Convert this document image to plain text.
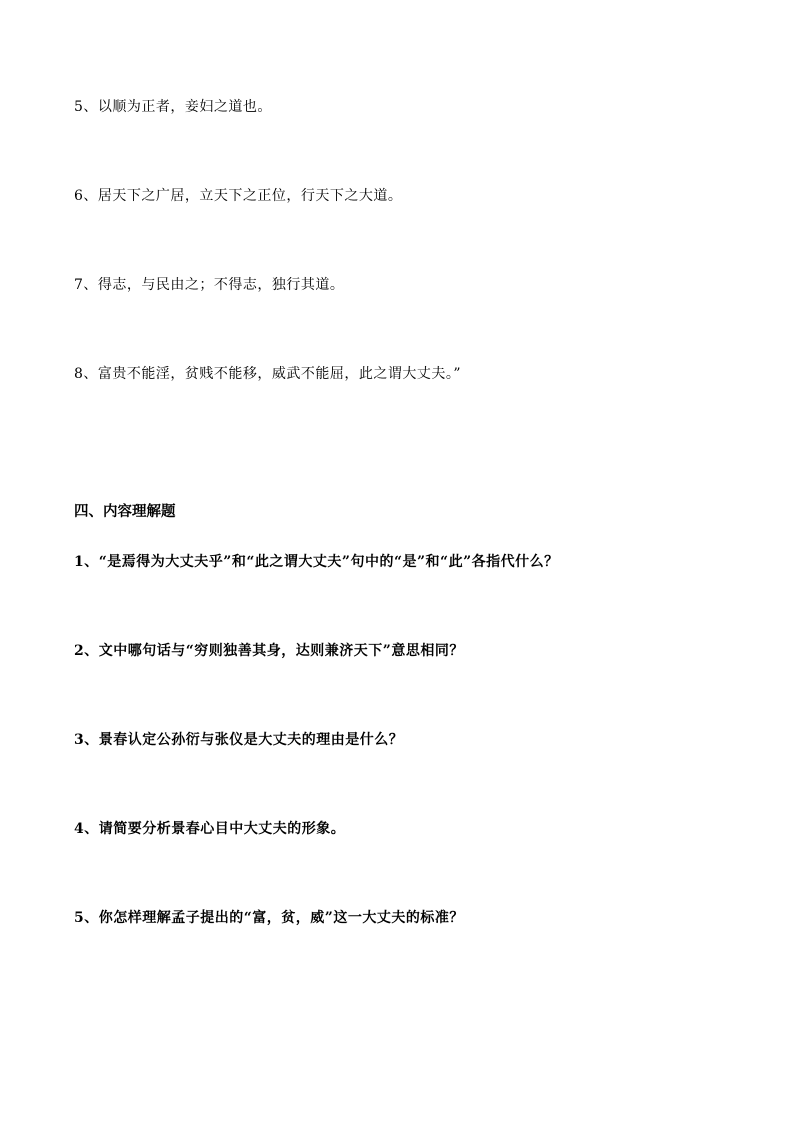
5、以顺为正者，妾妇之道也。

6、居天下之广居，立天下之正位，行天下之大道。

7、得志，与民由之；不得志，独行其道。

8、富贵不能淫，贫贱不能移，威武不能屈，此之谓大丈夫。”

四、内容理解题

1、“是焉得为大丈夫乎”和“此之谓大丈夫”句中的“是”和“此”各指代什么？

2、文中哪句话与“穷则独善其身，达则兼济天下”意思相同？

3、景春认定公孙衍与张仪是大丈夫的理由是什么？

4、请简要分析景春心目中大丈夫的形象。

5、你怎样理解孟子提出的“富，贫，威”这一大丈夫的标准？
